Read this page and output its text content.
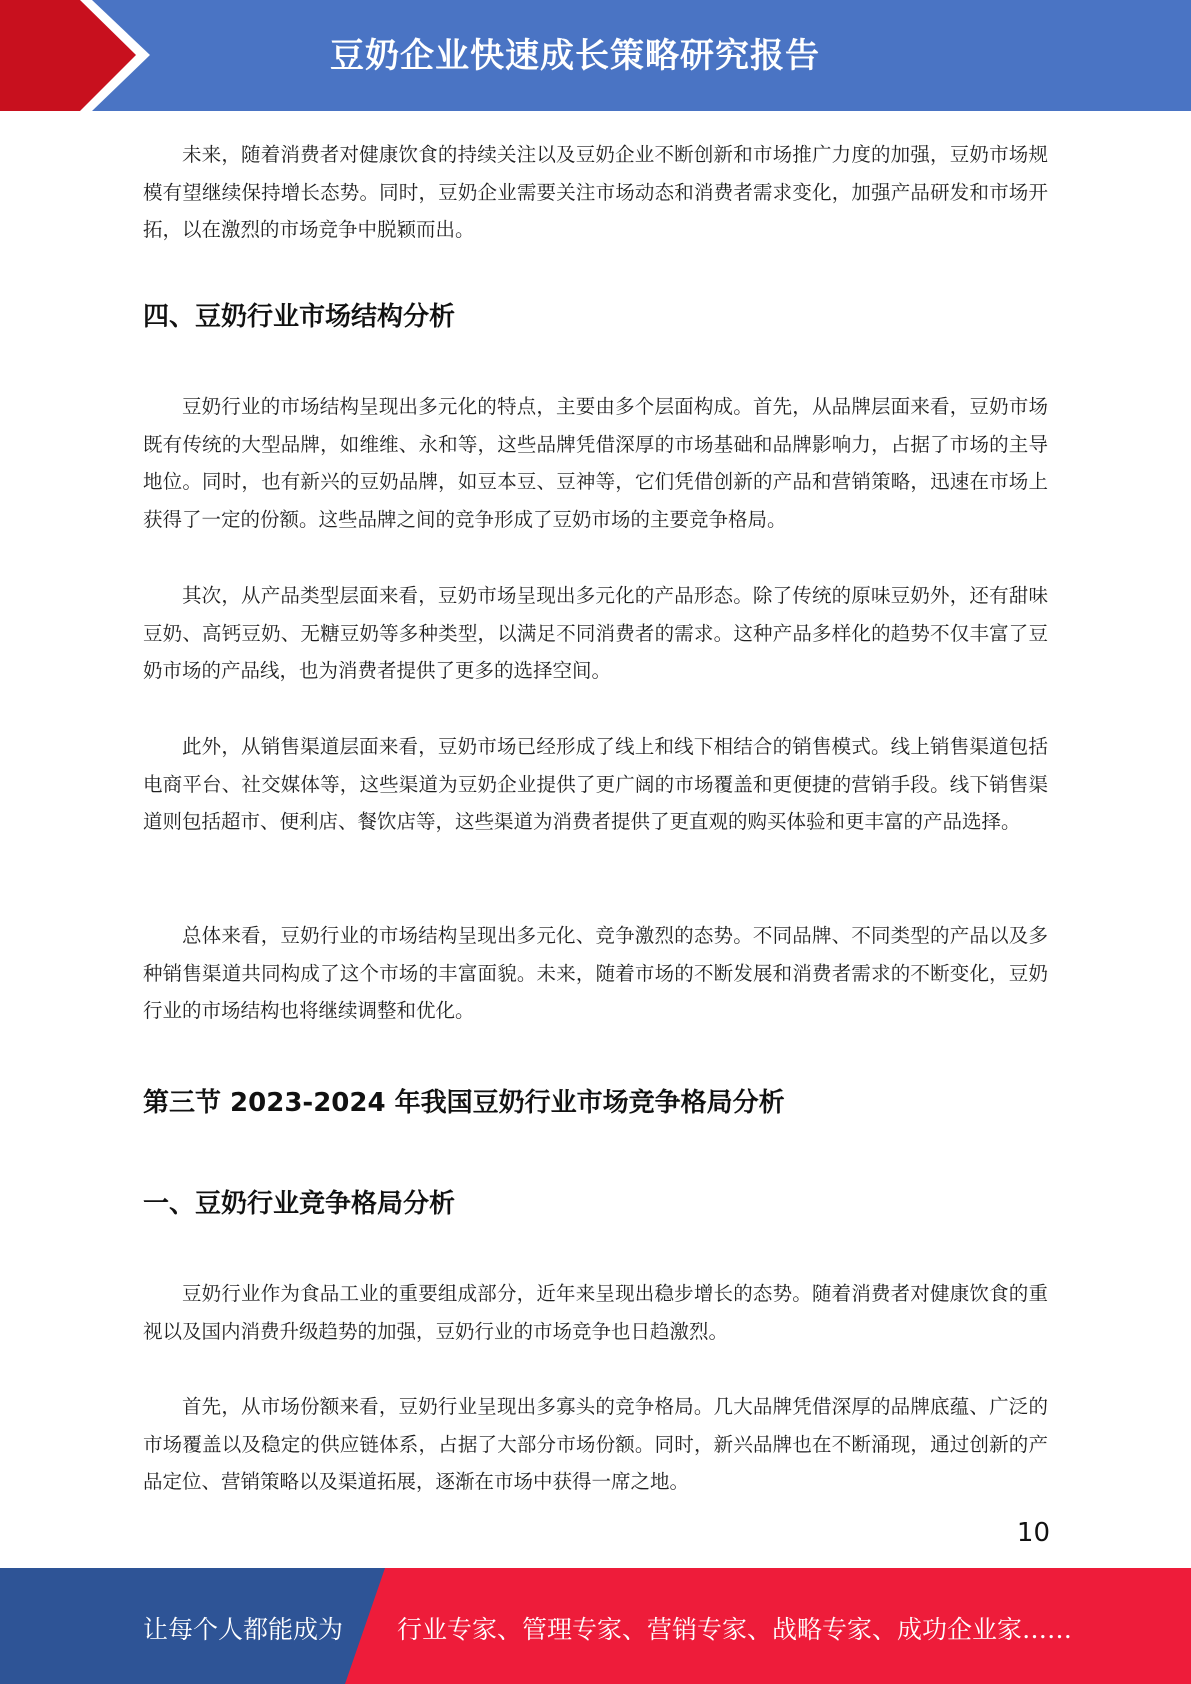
豆奶企业快速成长策略研究报告

未来，随着消费者对健康饮食的持续关注以及豆奶企业不断创新和市场推广力度的加强，豆奶市场规模有望继续保持增长态势。同时，豆奶企业需要关注市场动态和消费者需求变化，加强产品研发和市场开拓，以在激烈的市场竞争中脱颖而出。

四、豆奶行业市场结构分析

豆奶行业的市场结构呈现出多元化的特点，主要由多个层面构成。首先，从品牌层面来看，豆奶市场既有传统的大型品牌，如维维、永和等，这些品牌凭借深厚的市场基础和品牌影响力，占据了市场的主导地位。同时，也有新兴的豆奶品牌，如豆本豆、豆神等，它们凭借创新的产品和营销策略，迅速在市场上获得了一定的份额。这些品牌之间的竞争形成了豆奶市场的主要竞争格局。

其次，从产品类型层面来看，豆奶市场呈现出多元化的产品形态。除了传统的原味豆奶外，还有甜味豆奶、高钙豆奶、无糖豆奶等多种类型，以满足不同消费者的需求。这种产品多样化的趋势不仅丰富了豆奶市场的产品线，也为消费者提供了更多的选择空间。

此外，从销售渠道层面来看，豆奶市场已经形成了线上和线下相结合的销售模式。线上销售渠道包括电商平台、社交媒体等，这些渠道为豆奶企业提供了更广阔的市场覆盖和更便捷的营销手段。线下销售渠道则包括超市、便利店、餐饮店等，这些渠道为消费者提供了更直观的购买体验和更丰富的产品选择。

总体来看，豆奶行业的市场结构呈现出多元化、竞争激烈的态势。不同品牌、不同类型的产品以及多种销售渠道共同构成了这个市场的丰富面貌。未来，随着市场的不断发展和消费者需求的不断变化，豆奶行业的市场结构也将继续调整和优化。

第三节 2023-2024 年我国豆奶行业市场竞争格局分析
一、豆奶行业竞争格局分析

豆奶行业作为食品工业的重要组成部分，近年来呈现出稳步增长的态势。随着消费者对健康饮食的重视以及国内消费升级趋势的加强，豆奶行业的市场竞争也日趋激烈。

首先，从市场份额来看，豆奶行业呈现出多寡头的竞争格局。几大品牌凭借深厚的品牌底蕴、广泛的市场覆盖以及稳定的供应链体系，占据了大部分市场份额。同时，新兴品牌也在不断涌现，通过创新的产品定位、营销策略以及渠道拓展，逐渐在市场中获得一席之地。

10
让每个人都能成为 行业专家、管理专家、营销专家、战略专家、成功企业家……
